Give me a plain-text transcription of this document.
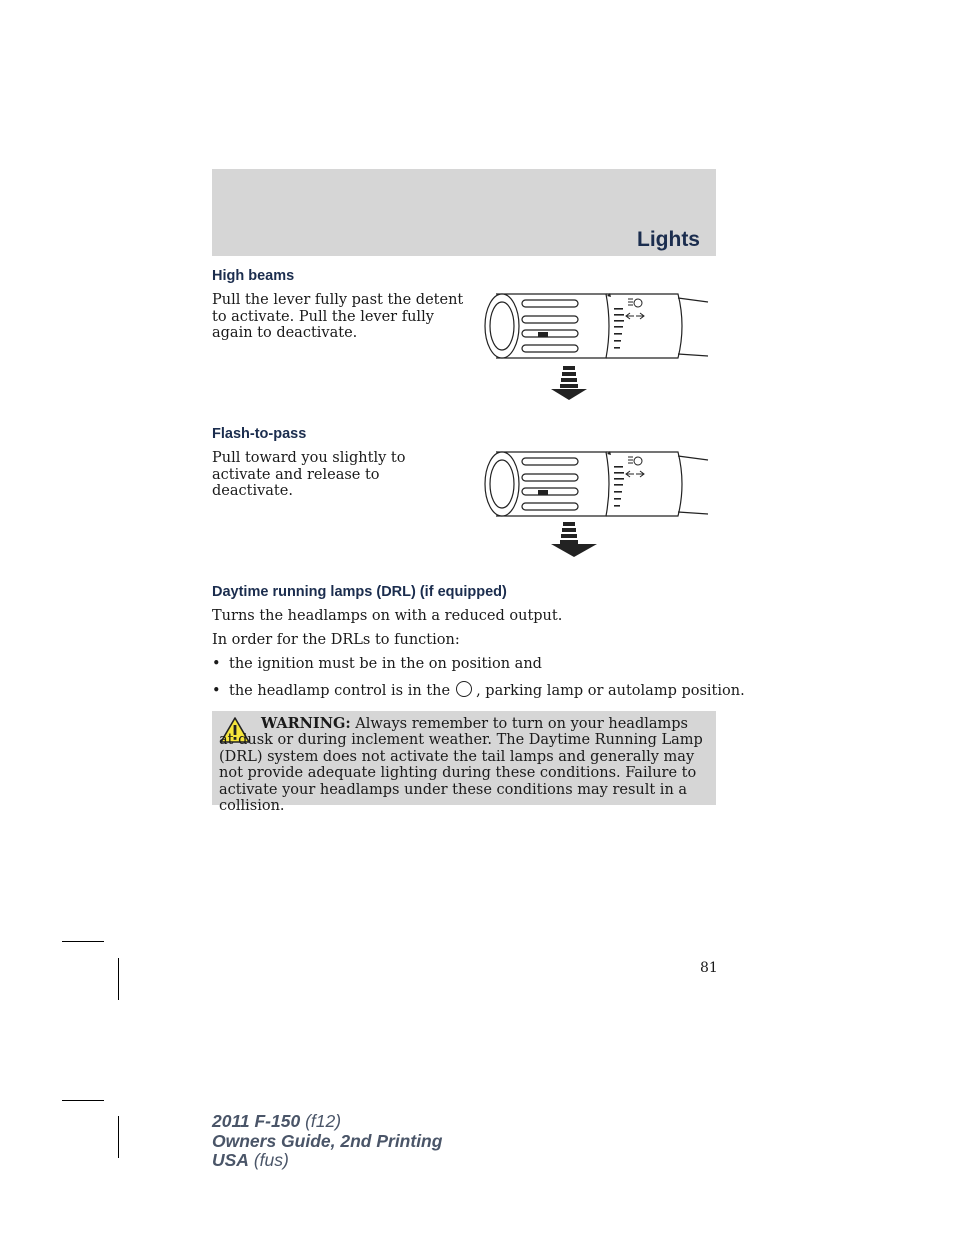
Lights
High beams

Pull the lever fully past the detent to activate. Pull the lever fully again to deactivate.

Flash-to-pass

Pull toward you slightly to activate and release to deactivate.

Daytime running lamps (DRL) (if equipped)

Turns the headlamps on with a reduced output.

In order for the DRLs to function:

• the ignition must be in the on position and
• the headlamp control is in the , parking lamp or autolamp position.

WARNING: Always remember to turn on your headlamps at dusk or during inclement weather. The Daytime Running Lamp (DRL) system does not activate the tail lamps and generally may not provide adequate lighting during these conditions. Failure to activate your headlamps under these conditions may result in a collision.

81
2011 F-150 (f12)
Owners Guide, 2nd Printing
USA (fus)
